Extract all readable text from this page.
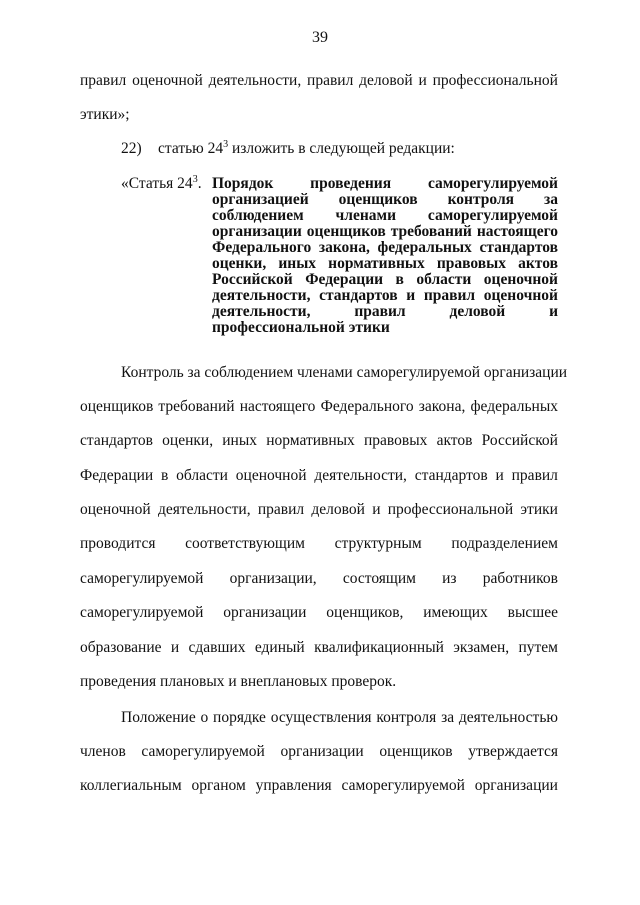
39
правил оценочной деятельности, правил деловой и профессиональной
этики»;
22) статью $24^3$ изложить в следующей редакции:
«Статья $24^3$. Порядок проведения саморегулируемой
организацией оценщиков контроля за
соблюдением членами саморегулируемой
организации оценщиков требований настоящего
Федерального закона, федеральных стандартов
оценки, иных нормативных правовых актов
Российской Федерации в области оценочной
деятельности, стандартов и правил оценочной
деятельности,	правил	деловой	и
профессиональной этики
Контроль за соблюдением членами саморегулируемой организации
оценщиков требований настоящего Федерального закона, федеральных
стандартов оценки, иных нормативных правовых актов Российской
Федерации в области оценочной деятельности, стандартов и правил
оценочной деятельности, правил деловой и профессиональной этики
проводится соответствующим структурным подразделением
саморегулируемой организации, состоящим из работников
саморегулируемой организации оценщиков, имеющих высшее
образование и сдавших единый квалификационный экзамен, путем
проведения плановых и внеплановых проверок.
Положение о порядке осуществления контроля за деятельностью
членов саморегулируемой организации оценщиков утверждается
коллегиальным органом управления саморегулируемой организации
